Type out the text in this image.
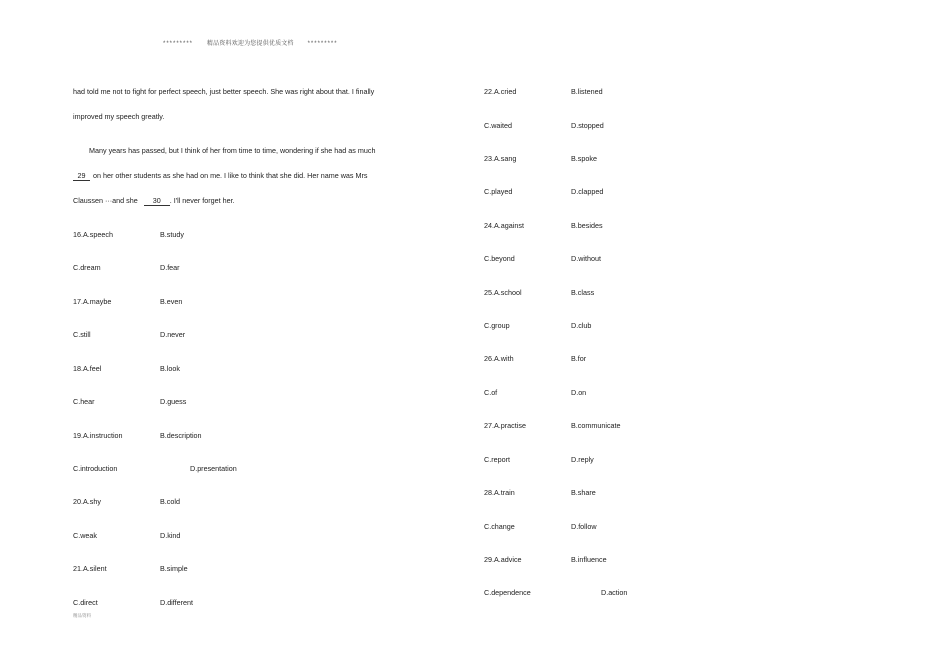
********* 精品资料欢迎为您提供优质文档 *********
had told me not to fight for perfect speech, just better speech. She was right about that. I finally
improved my speech greatly.
Many years has passed, but I think of her from time to time, wondering if she had as much
29 on her other students as she had on me. I like to think that she did. Her name was Mrs
Claussen ···and she 30 . I'll never forget her.
16.A.speech	B.study
C.dream	D.fear
17.A.maybe	B.even
C.still	D.never
18.A.feel	B.look
C.hear	D.guess
19.A.instruction	B.description
C.introduction	D.presentation
20.A.shy	B.cold
C.weak	D.kind
21.A.silent	B.simple
C.direct	D.different
22.A.cried	B.listened
C.waited	D.stopped
23.A.sang	B.spoke
C.played	D.clapped
24.A.against	B.besides
C.beyond	D.without
25.A.school	B.class
C.group	D.club
26.A.with	B.for
C.of	D.on
27.A.practise	B.communicate
C.report	D.reply
28.A.train	B.share
C.change	D.follow
29.A.advice	B.influence
C.dependence	D.action
精品资料
